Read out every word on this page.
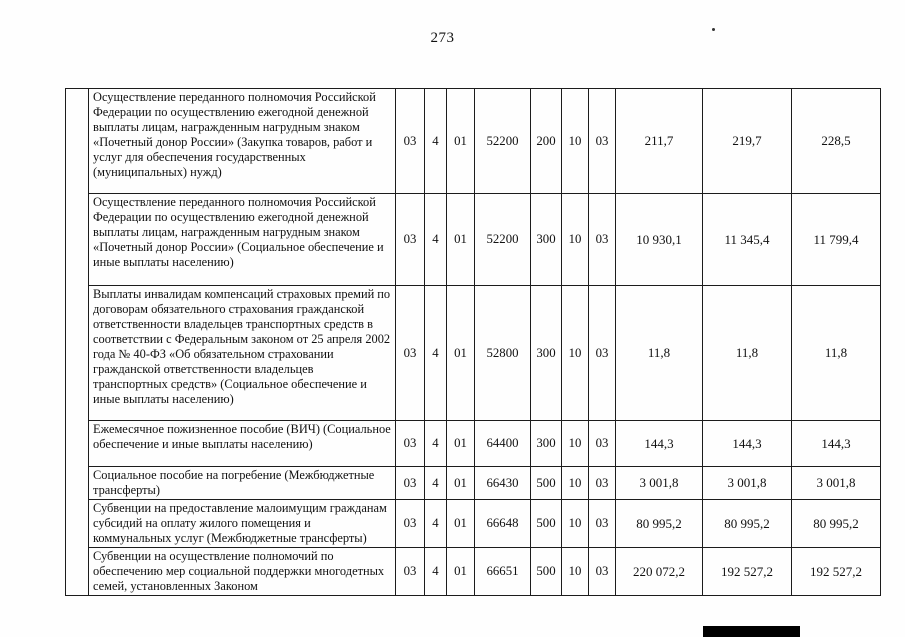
273
	Осуществление переданного полномочия Российской Федерации по осуществлению ежегодной денежной выплаты лицам, награжденным нагрудным знаком «Почетный донор России» (Закупка товаров, работ и услуг для обеспечения государственных (муниципальных) нужд)	03	4	01	52200	200	10	03	211,7	219,7	228,5
	Осуществление переданного полномочия Российской Федерации по осуществлению ежегодной денежной выплаты лицам, награжденным нагрудным знаком «Почетный донор России» (Социальное обеспечение и иные выплаты населению)	03	4	01	52200	300	10	03	10 930,1	11 345,4	11 799,4
	Выплаты инвалидам компенсаций страховых премий по договорам обязательного страхования гражданской ответственности владельцев транспортных средств в соответствии с Федеральным законом от 25 апреля 2002 года № 40-ФЗ «Об обязательном страховании гражданской ответственности владельцев транспортных средств» (Социальное обеспечение и иные выплаты населению)	03	4	01	52800	300	10	03	11,8	11,8	11,8
	Ежемесячное пожизненное пособие (ВИЧ) (Социальное обеспечение и иные выплаты населению)	03	4	01	64400	300	10	03	144,3	144,3	144,3
	Социальное пособие на погребение (Межбюджетные трансферты)	03	4	01	66430	500	10	03	3 001,8	3 001,8	3 001,8
	Субвенции на предоставление малоимущим гражданам субсидий на оплату жилого помещения и коммунальных услуг (Межбюджетные трансферты)	03	4	01	66648	500	10	03	80 995,2	80 995,2	80 995,2
	Субвенции на осуществление полномочий по обеспечению мер социальной поддержки многодетных семей, установленных Законом	03	4	01	66651	500	10	03	220 072,2	192 527,2	192 527,2
